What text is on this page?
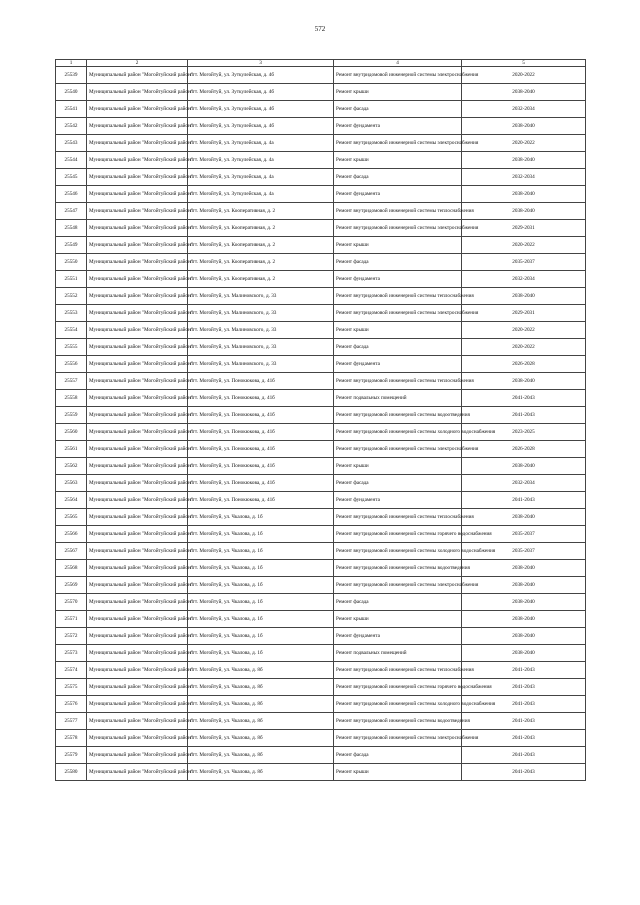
572
1	2	3	4	5
25539	Муниципальный район "Могойтуйский район"	пгт. Могойтуй, ул. Зуткулейская, д. 4б	Ремонт внутридомовой инженерной системы электроснабжения	2020-2022
25540	Муниципальный район "Могойтуйский район"	пгт. Могойтуй, ул. Зуткулейская, д. 4б	Ремонт крыши	2038-2040
25541	Муниципальный район "Могойтуйский район"	пгт. Могойтуй, ул. Зуткулейская, д. 4б	Ремонт фасада	2032-2034
25542	Муниципальный район "Могойтуйский район"	пгт. Могойтуй, ул. Зуткулейская, д. 4б	Ремонт фундамента	2038-2040
25543	Муниципальный район "Могойтуйский район"	пгт. Могойтуй, ул. Зуткулейская, д. 4а	Ремонт внутридомовой инженерной системы электроснабжения	2020-2022
25544	Муниципальный район "Могойтуйский район"	пгт. Могойтуй, ул. Зуткулейская, д. 4а	Ремонт крыши	2038-2040
25545	Муниципальный район "Могойтуйский район"	пгт. Могойтуй, ул. Зуткулейская, д. 4а	Ремонт фасада	2032-2034
25546	Муниципальный район "Могойтуйский район"	пгт. Могойтуй, ул. Зуткулейская, д. 4а	Ремонт фундамента	2038-2040
25547	Муниципальный район "Могойтуйский район"	пгт. Могойтуй, ул. Кооперативная, д. 2	Ремонт внутридомовой инженерной системы теплоснабжения	2038-2040
25548	Муниципальный район "Могойтуйский район"	пгт. Могойтуй, ул. Кооперативная, д. 2	Ремонт внутридомовой инженерной системы электроснабжения	2029-2031
25549	Муниципальный район "Могойтуйский район"	пгт. Могойтуй, ул. Кооперативная, д. 2	Ремонт крыши	2020-2022
25550	Муниципальный район "Могойтуйский район"	пгт. Могойтуй, ул. Кооперативная, д. 2	Ремонт фасада	2035-2037
25551	Муниципальный район "Могойтуйский район"	пгт. Могойтуй, ул. Кооперативная, д. 2	Ремонт фундамента	2032-2034
25552	Муниципальный район "Могойтуйский район"	пгт. Могойтуй, ул. Малиновского, д. 33	Ремонт внутридомовой инженерной системы теплоснабжения	2038-2040
25553	Муниципальный район "Могойтуйский район"	пгт. Могойтуй, ул. Малиновского, д. 33	Ремонт внутридомовой инженерной системы электроснабжения	2029-2031
25554	Муниципальный район "Могойтуйский район"	пгт. Могойтуй, ул. Малиновского, д. 33	Ремонт крыши	2020-2022
25555	Муниципальный район "Могойтуйский район"	пгт. Могойтуй, ул. Малиновского, д. 33	Ремонт фасада	2020-2022
25556	Муниципальный район "Могойтуйский район"	пгт. Могойтуй, ул. Малиновского, д. 33	Ремонт фундамента	2026-2028
25557	Муниципальный район "Могойтуйский район"	пгт. Могойтуй, ул. Понокюкова, д. 41б	Ремонт внутридомовой инженерной системы теплоснабжения	2038-2040
25558	Муниципальный район "Могойтуйский район"	пгт. Могойтуй, ул. Понокюкова, д. 41б	Ремонт подвальных помещений	2041-2043
25559	Муниципальный район "Могойтуйский район"	пгт. Могойтуй, ул. Понокюкова, д. 41б	Ремонт внутридомовой инженерной системы водоотведения	2041-2043
25560	Муниципальный район "Могойтуйский район"	пгт. Могойтуй, ул. Понокюкова, д. 41б	Ремонт внутридомовой инженерной системы холодного водоснабжения	2023-2025
25561	Муниципальный район "Могойтуйский район"	пгт. Могойтуй, ул. Понокюкова, д. 41б	Ремонт внутридомовой инженерной системы электроснабжения	2026-2028
25562	Муниципальный район "Могойтуйский район"	пгт. Могойтуй, ул. Понокюкова, д. 41б	Ремонт крыши	2038-2040
25563	Муниципальный район "Могойтуйский район"	пгт. Могойтуй, ул. Понокюкова, д. 41б	Ремонт фасада	2032-2034
25564	Муниципальный район "Могойтуйский район"	пгт. Могойтуй, ул. Понокюкова, д. 41б	Ремонт фундамента	2041-2043
25565	Муниципальный район "Могойтуйский район"	пгт. Могойтуй, ул. Чкалова, д. 1б	Ремонт внутридомовой инженерной системы теплоснабжения	2038-2040
25566	Муниципальный район "Могойтуйский район"	пгт. Могойтуй, ул. Чкалова, д. 1б	Ремонт внутридомовой инженерной системы горячего водоснабжения	2035-2037
25567	Муниципальный район "Могойтуйский район"	пгт. Могойтуй, ул. Чкалова, д. 1б	Ремонт внутридомовой инженерной системы холодного водоснабжения	2035-2037
25568	Муниципальный район "Могойтуйский район"	пгт. Могойтуй, ул. Чкалова, д. 1б	Ремонт внутридомовой инженерной системы водоотведения	2038-2040
25569	Муниципальный район "Могойтуйский район"	пгт. Могойтуй, ул. Чкалова, д. 1б	Ремонт внутридомовой инженерной системы электроснабжения	2038-2040
25570	Муниципальный район "Могойтуйский район"	пгт. Могойтуй, ул. Чкалова, д. 1б	Ремонт фасада	2038-2040
25571	Муниципальный район "Могойтуйский район"	пгт. Могойтуй, ул. Чкалова, д. 1б	Ремонт крыши	2038-2040
25572	Муниципальный район "Могойтуйский район"	пгт. Могойтуй, ул. Чкалова, д. 1б	Ремонт фундамента	2038-2040
25573	Муниципальный район "Могойтуйский район"	пгт. Могойтуй, ул. Чкалова, д. 1б	Ремонт подвальных помещений	2038-2040
25574	Муниципальный район "Могойтуйский район"	пгт. Могойтуй, ул. Чкалова, д. 8б	Ремонт внутридомовой инженерной системы теплоснабжения	2041-2043
25575	Муниципальный район "Могойтуйский район"	пгт. Могойтуй, ул. Чкалова, д. 8б	Ремонт внутридомовой инженерной системы горячего водоснабжения	2041-2043
25576	Муниципальный район "Могойтуйский район"	пгт. Могойтуй, ул. Чкалова, д. 8б	Ремонт внутридомовой инженерной системы холодного водоснабжения	2041-2043
25577	Муниципальный район "Могойтуйский район"	пгт. Могойтуй, ул. Чкалова, д. 8б	Ремонт внутридомовой инженерной системы водоотведения	2041-2043
25578	Муниципальный район "Могойтуйский район"	пгт. Могойтуй, ул. Чкалова, д. 8б	Ремонт внутридомовой инженерной системы электроснабжения	2041-2043
25579	Муниципальный район "Могойтуйский район"	пгт. Могойтуй, ул. Чкалова, д. 8б	Ремонт фасада	2041-2043
25580	Муниципальный район "Могойтуйский район"	пгт. Могойтуй, ул. Чкалова, д. 8б	Ремонт крыши	2041-2043
